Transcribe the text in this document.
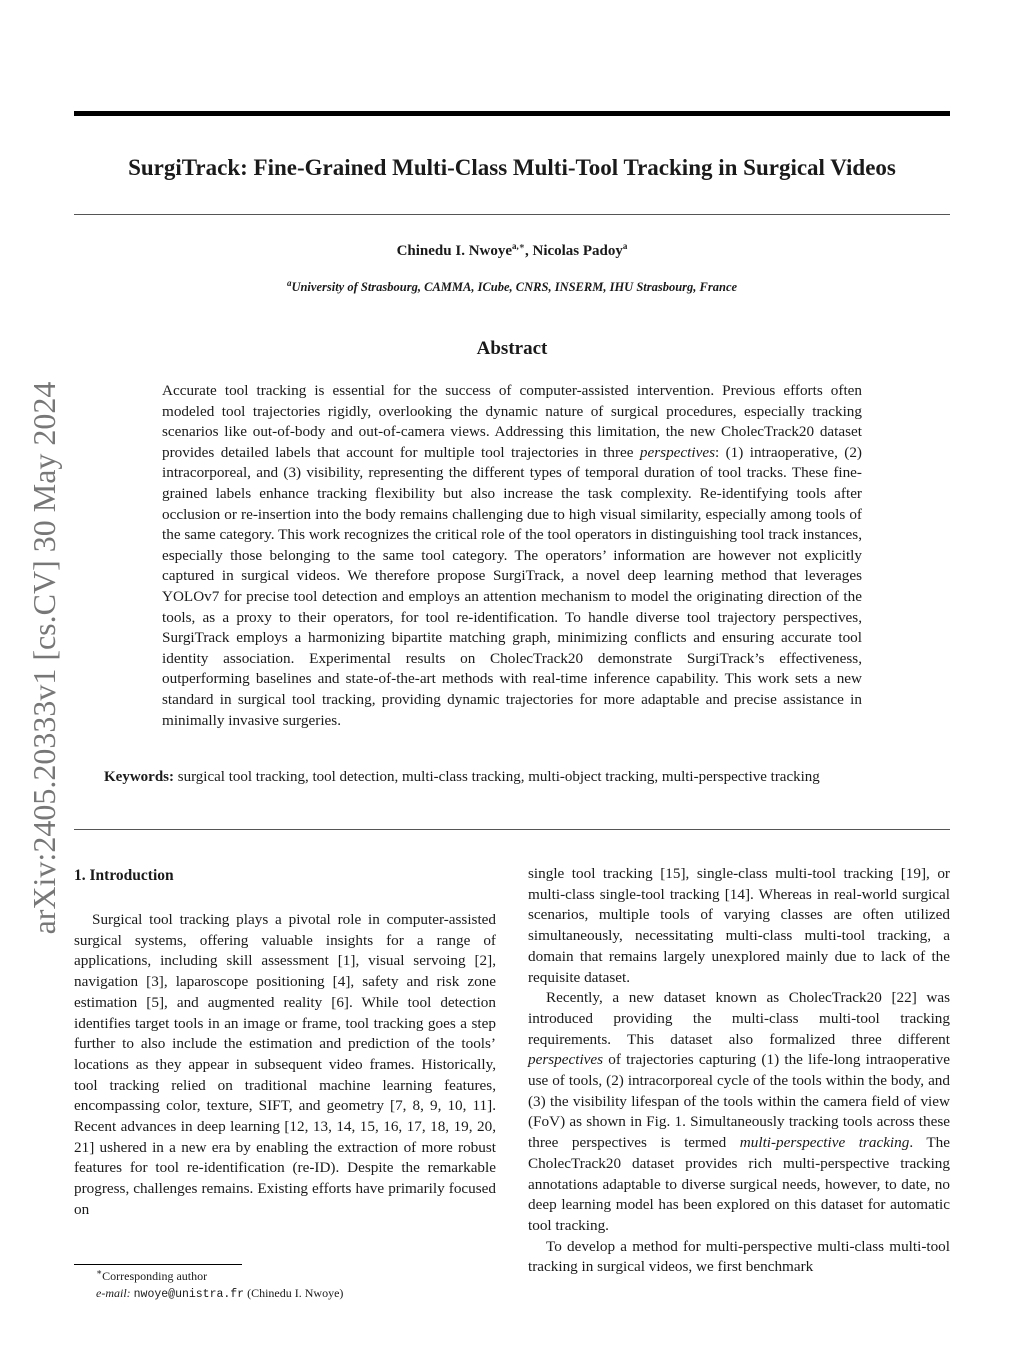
SurgiTrack: Fine-Grained Multi-Class Multi-Tool Tracking in Surgical Videos
Chinedu I. Nwoye$^{a,∗}$, Nicolas Padoy$^a$
$^a$University of Strasbourg, CAMMA, ICube, CNRS, INSERM, IHU Strasbourg, France
Abstract
Accurate tool tracking is essential for the success of computer-assisted intervention. Previous efforts often modeled tool trajectories rigidly, overlooking the dynamic nature of surgical procedures, especially tracking scenarios like out-of-body and out-of-camera views. Addressing this limitation, the new CholecTrack20 dataset provides detailed labels that account for multiple tool trajectories in three perspectives: (1) intraoperative, (2) intracorporeal, and (3) visibility, representing the different types of temporal duration of tool tracks. These fine-grained labels enhance tracking flexibility but also increase the task complexity. Re-identifying tools after occlusion or re-insertion into the body remains challenging due to high visual similarity, especially among tools of the same category. This work recognizes the critical role of the tool operators in distinguishing tool track instances, especially those belonging to the same tool category. The operators’ information are however not explicitly captured in surgical videos. We therefore propose SurgiTrack, a novel deep learning method that leverages YOLOv7 for precise tool detection and employs an attention mechanism to model the originating direction of the tools, as a proxy to their operators, for tool re-identification. To handle diverse tool trajectory perspectives, SurgiTrack employs a harmonizing bipartite matching graph, minimizing conflicts and ensuring accurate tool identity association. Experimental results on CholecTrack20 demonstrate SurgiTrack’s effectiveness, outperforming baselines and state-of-the-art methods with real-time inference capability. This work sets a new standard in surgical tool tracking, providing dynamic trajectories for more adaptable and precise assistance in minimally invasive surgeries.
Keywords: surgical tool tracking, tool detection, multi-class tracking, multi-object tracking, multi-perspective tracking
arXiv:2405.20333v1 [cs.CV] 30 May 2024 1. Introduction

Surgical tool tracking plays a pivotal role in computer-assisted surgical systems, offering valuable insights for a range of applications, including skill assessment [1], visual servoing [2], navigation [3], laparoscope positioning [4], safety and risk zone estimation [5], and augmented reality [6]. While tool detection identifies target tools in an image or frame, tool tracking goes a step further to also include the estimation and prediction of the tools’ locations as they appear in subsequent video frames. Historically, tool tracking relied on traditional machine learning features, encompassing color, texture, SIFT, and geometry [7, 8, 9, 10, 11]. Recent advances in deep learning [12, 13, 14, 15, 16, 17, 18, 19, 20, 21] ushered in a new era by enabling the extraction of more robust features for tool re-identification (re-ID). Despite the remarkable progress, challenges remains. Existing efforts have primarily focused on

single tool tracking [15], single-class multi-tool tracking [19], or multi-class single-tool tracking [14]. Whereas in real-world surgical scenarios, multiple tools of varying classes are often utilized simultaneously, necessitating multi-class multi-tool tracking, a domain that remains largely unexplored mainly due to lack of the requisite dataset.

Recently, a new dataset known as CholecTrack20 [22] was introduced providing the multi-class multi-tool tracking requirements. This dataset also formalized three different perspectives of trajectories capturing (1) the life-long intraoperative use of tools, (2) intracorporeal cycle of the tools within the body, and (3) the visibility lifespan of the tools within the camera field of view (FoV) as shown in Fig. 1. Simultaneously tracking tools across these three perspectives is termed multi-perspective tracking. The CholecTrack20 dataset provides rich multi-perspective tracking annotations adaptable to diverse surgical needs, however, to date, no deep learning model has been explored on this dataset for automatic tool tracking.

To develop a method for multi-perspective multi-class multi-tool tracking in surgical videos, we first benchmark

∗Corresponding author
e-mail: nwoye@unistra.fr (Chinedu I. Nwoye)
